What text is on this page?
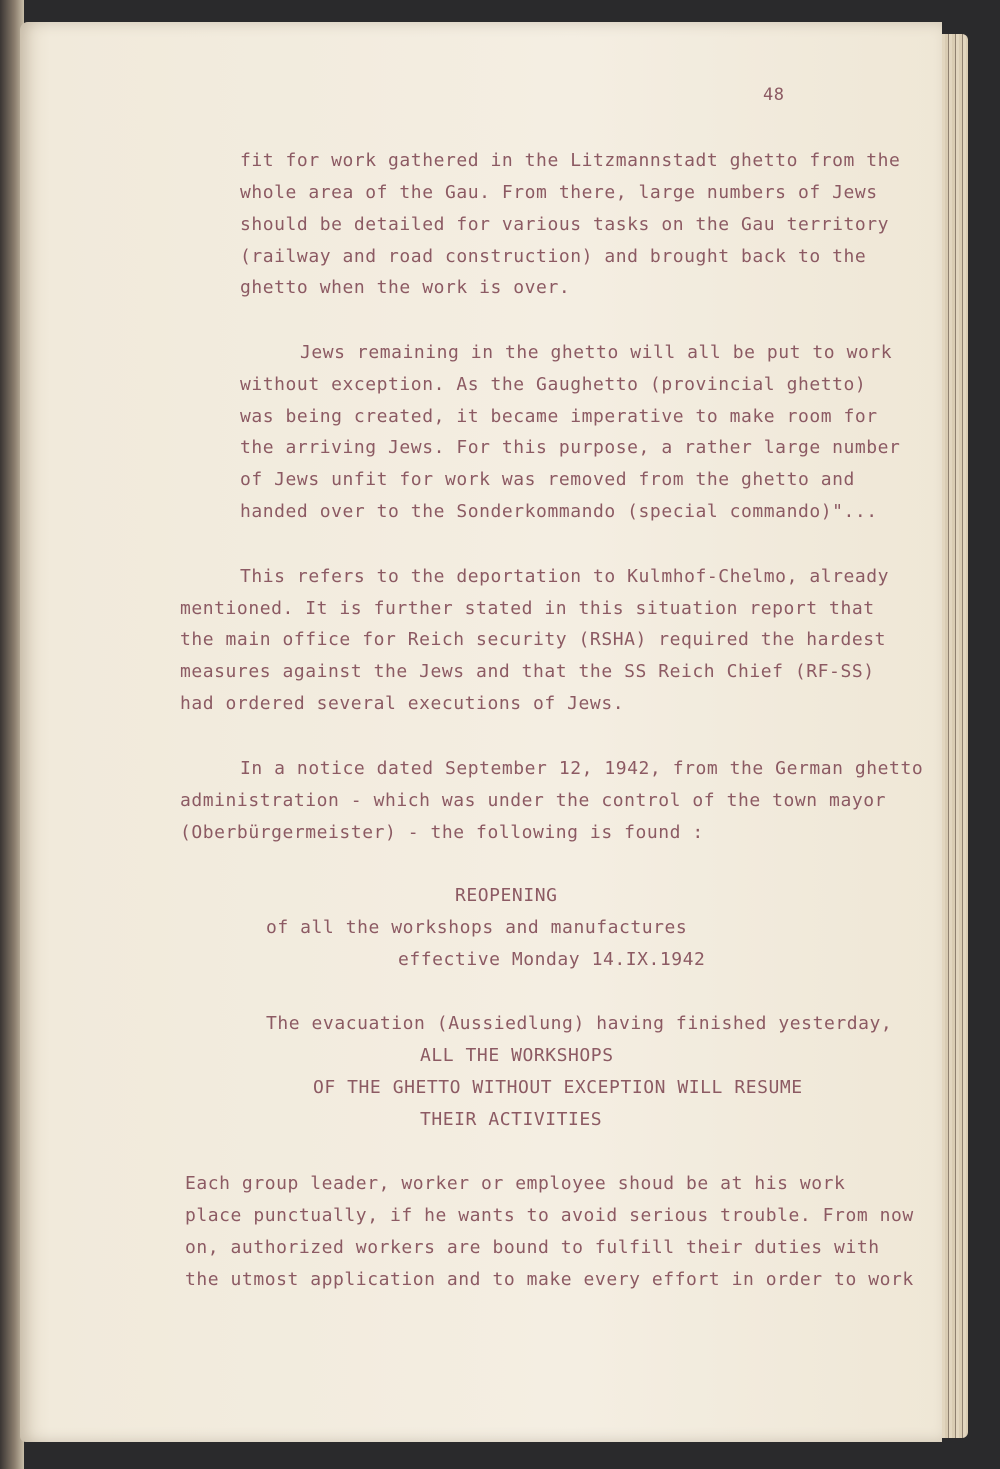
48
fit for work gathered in the Litzmannstadt ghetto from the
whole area of the Gau. From there, large numbers of Jews
should be detailed for various tasks on the Gau territory
(railway and road construction) and brought back to the
ghetto when the work is over.
Jews remaining in the ghetto will all be put to work
without exception. As the Gaughetto (provincial ghetto)
was being created, it became imperative to make room for
the arriving Jews. For this purpose, a rather large number
of Jews unfit for work was removed from the ghetto and
handed over to the Sonderkommando (special commando)"...
This refers to the deportation to Kulmhof-Chelmo, already
mentioned. It is further stated in this situation report that
the main office for Reich security (RSHA) required the hardest
measures against the Jews and that the SS Reich Chief (RF-SS)
had ordered several executions of Jews.
In a notice dated September 12, 1942, from the German ghetto
administration - which was under the control of the town mayor
(Oberbürgermeister) - the following is found :
REOPENING
of all the workshops and manufactures
effective Monday 14.IX.1942
The evacuation (Aussiedlung) having finished yesterday,
ALL THE WORKSHOPS
OF THE GHETTO WITHOUT EXCEPTION WILL RESUME
THEIR ACTIVITIES
Each group leader, worker or employee shoud be at his work
place punctually, if he wants to avoid serious trouble. From now
on, authorized workers are bound to fulfill their duties with
the utmost application and to make every effort in order to work
